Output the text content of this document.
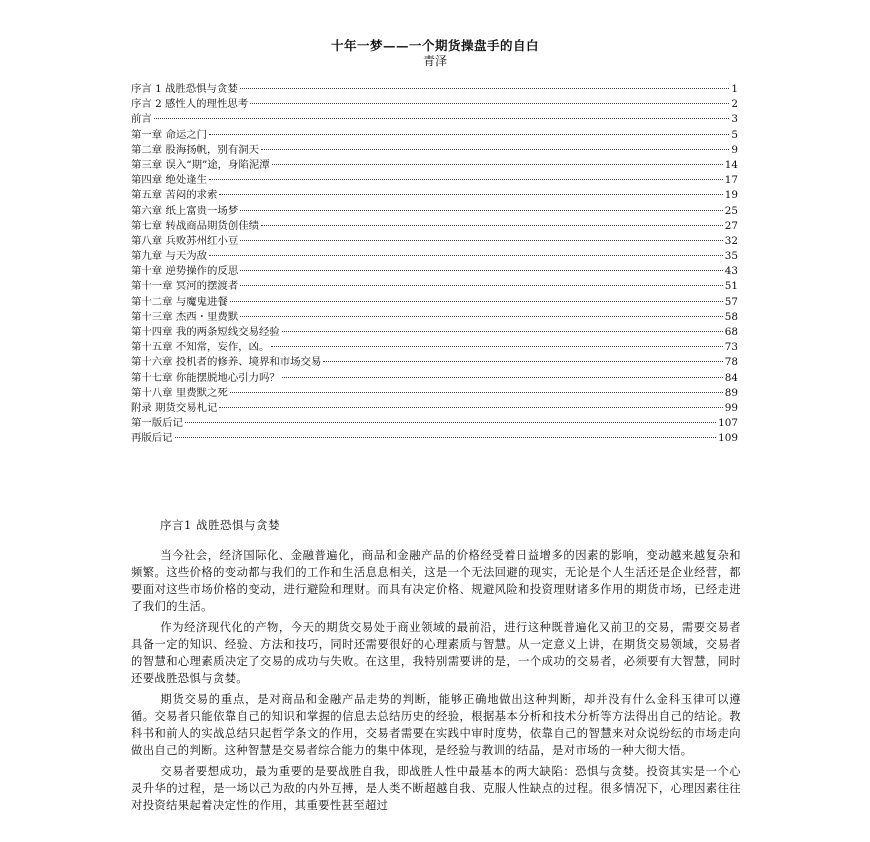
十年一梦——一个期货操盘手的自白
青泽
序言 1 战胜恐惧与贪婪	1
序言 2 感性人的理性思考	2
前言	3
第一章 命运之门	5
第二章 股海扬帆，别有洞天	9
第三章 误入“期”途，身陷泥潭	14
第四章 绝处逢生	17
第五章 苦闷的求索	19
第六章 纸上富贵一场梦	25
第七章 转战商品期货创佳绩	27
第八章 兵败苏州红小豆	32
第九章 与天为敌	35
第十章 逆势操作的反思	43
第十一章 冥河的摆渡者	51
第十二章 与魔鬼进餐	57
第十三章 杰西・里费默	58
第十四章 我的两条短线交易经验	68
第十五章 不知常，妄作，凶。	73
第十六章 投机者的修养、境界和市场交易	78
第十七章 你能摆脱地心引力吗？	84
第十八章 里费默之死	89
附录 期货交易札记	99
第一版后记	107
再版后记	109
序言1 战胜恐惧与贪婪

当今社会，经济国际化、金融普遍化，商品和金融产品的价格经受着日益增多的因素的影响，变动越来越复杂和频繁。这些价格的变动都与我们的工作和生活息息相关，这是一个无法回避的现实，无论是个人生活还是企业经营，都要面对这些市场价格的变动，进行避险和理财。而具有决定价格、规避风险和投资理财诸多作用的期货市场，已经走进了我们的生活。

作为经济现代化的产物，今天的期货交易处于商业领域的最前沿，进行这种既普遍化又前卫的交易，需要交易者具备一定的知识、经验、方法和技巧，同时还需要很好的心理素质与智慧。从一定意义上讲，在期货交易领域，交易者的智慧和心理素质决定了交易的成功与失败。在这里，我特别需要讲的是，一个成功的交易者，必须要有大智慧，同时还要战胜恐惧与贪婪。

期货交易的重点，是对商品和金融产品走势的判断，能够正确地做出这种判断，却并没有什么金科玉律可以遵循。交易者只能依靠自己的知识和掌握的信息去总结历史的经验，根据基本分析和技术分析等方法得出自己的结论。教科书和前人的实战总结只起哲学条文的作用，交易者需要在实践中审时度势，依靠自己的智慧来对众说纷纭的市场走向做出自己的判断。这种智慧是交易者综合能力的集中体现，是经验与教训的结晶，是对市场的一种大彻大悟。

交易者要想成功，最为重要的是要战胜自我，即战胜人性中最基本的两大缺陷：恐惧与贪婪。投资其实是一个心灵升华的过程，是一场以己为敌的内外互搏，是人类不断超越自我、克服人性缺点的过程。很多情况下，心理因素往往对投资结果起着决定性的作用，其重要性甚至超过
